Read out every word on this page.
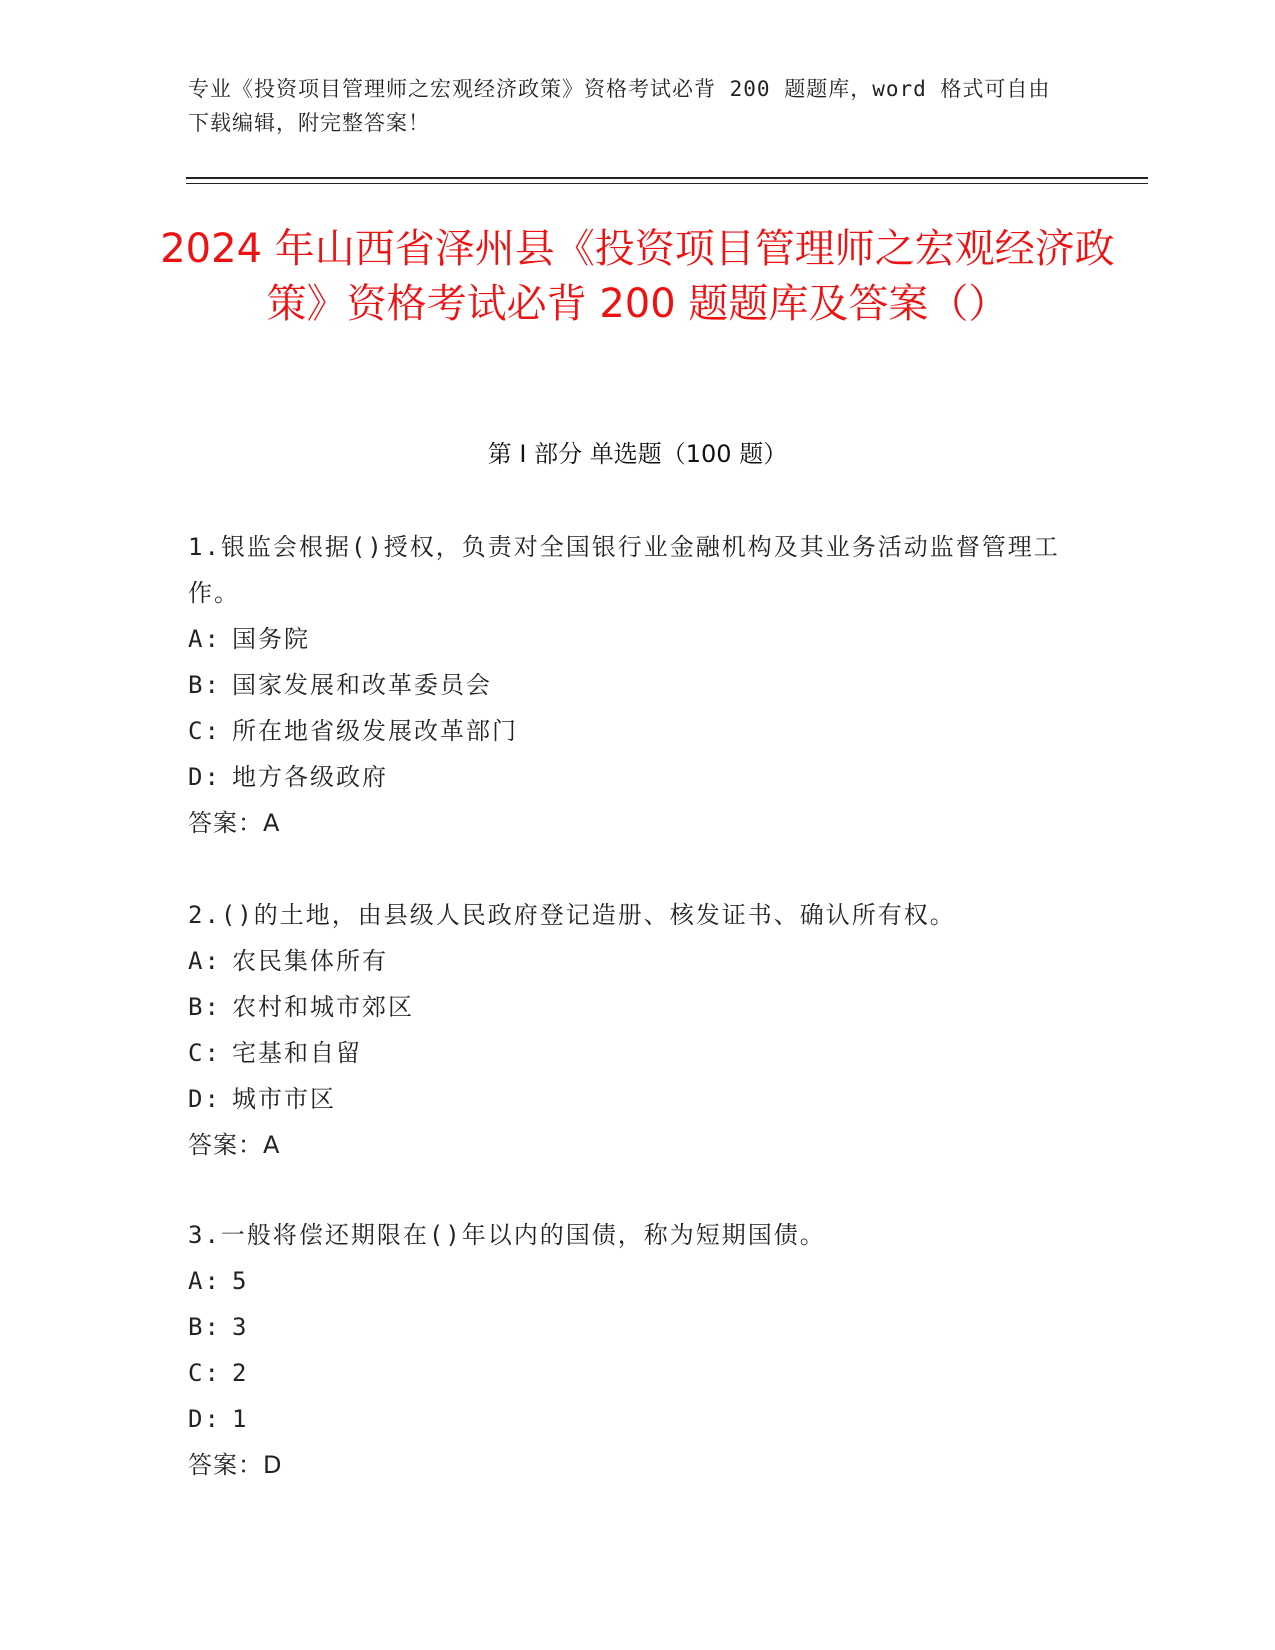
专业《投资项目管理师之宏观经济政策》资格考试必背 200 题题库，word 格式可自由下载编辑，附完整答案！
2024 年山西省泽州县《投资项目管理师之宏观经济政策》资格考试必背 200 题题库及答案（）
第 I 部分 单选题（100 题）
1.银监会根据()授权，负责对全国银行业金融机构及其业务活动监督管理工作。
A: 国务院
B: 国家发展和改革委员会
C: 所在地省级发展改革部门
D: 地方各级政府
答案：A
2.()的土地，由县级人民政府登记造册、核发证书、确认所有权。
A: 农民集体所有
B: 农村和城市郊区
C: 宅基和自留
D: 城市市区
答案：A
3.一般将偿还期限在()年以内的国债，称为短期国债。
A: 5
B: 3
C: 2
D: 1
答案：D
